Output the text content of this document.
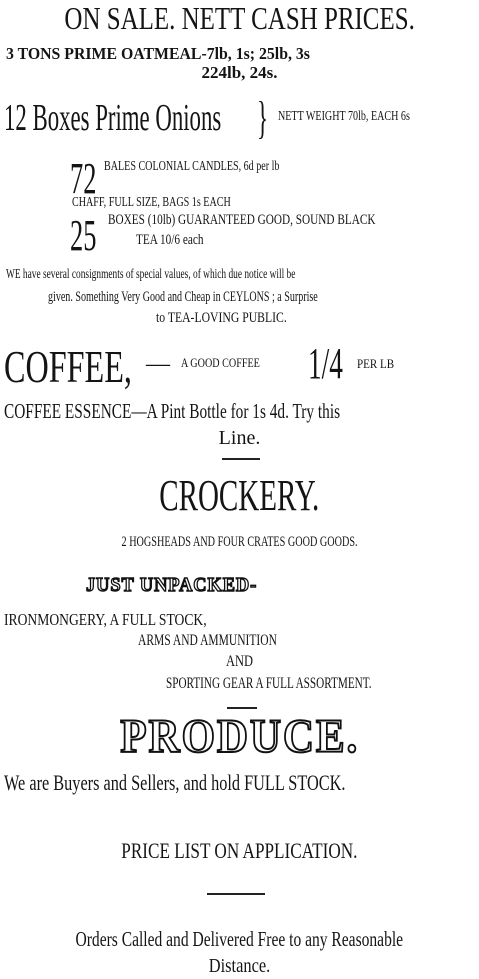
ON SALE. NETT CASH PRICES.
3 TONS PRIME OATMEAL-7lb, 1s; 25lb, 3s
224lb, 24s.
12 Boxes Prime Onions } NETT WEIGHT 70lb, EACH 6s
72 BALES COLONIAL CANDLES, 6d per lb
CHAFF, FULL SIZE, BAGS 1s EACH
25 BOXES (10lb) GUARANTEED GOOD, SOUND BLACK
TEA 10/6 each
WE have several consignments of special values, of which due notice will be
given. Something Very Good and Cheap in CEYLONS ; a Surprise
to TEA-LOVING PUBLIC.
COFFEE, — A GOOD COFFEE	1/4	PER LB
COFFEE ESSENCE—A Pint Bottle for 1s 4d. Try this
Line.
CROCKERY.
2 HOGSHEADS AND FOUR CRATES GOOD GOODS.
JUST UNPACKED-
IRONMONGERY, A FULL STOCK,
ARMS AND AMMUNITION
AND
SPORTING GEAR A FULL ASSORTMENT.
PRODUCE.
We are Buyers and Sellers, and hold FULL STOCK.
PRICE LIST ON APPLICATION.
Orders Called and Delivered Free to any Reasonable
Distance.
